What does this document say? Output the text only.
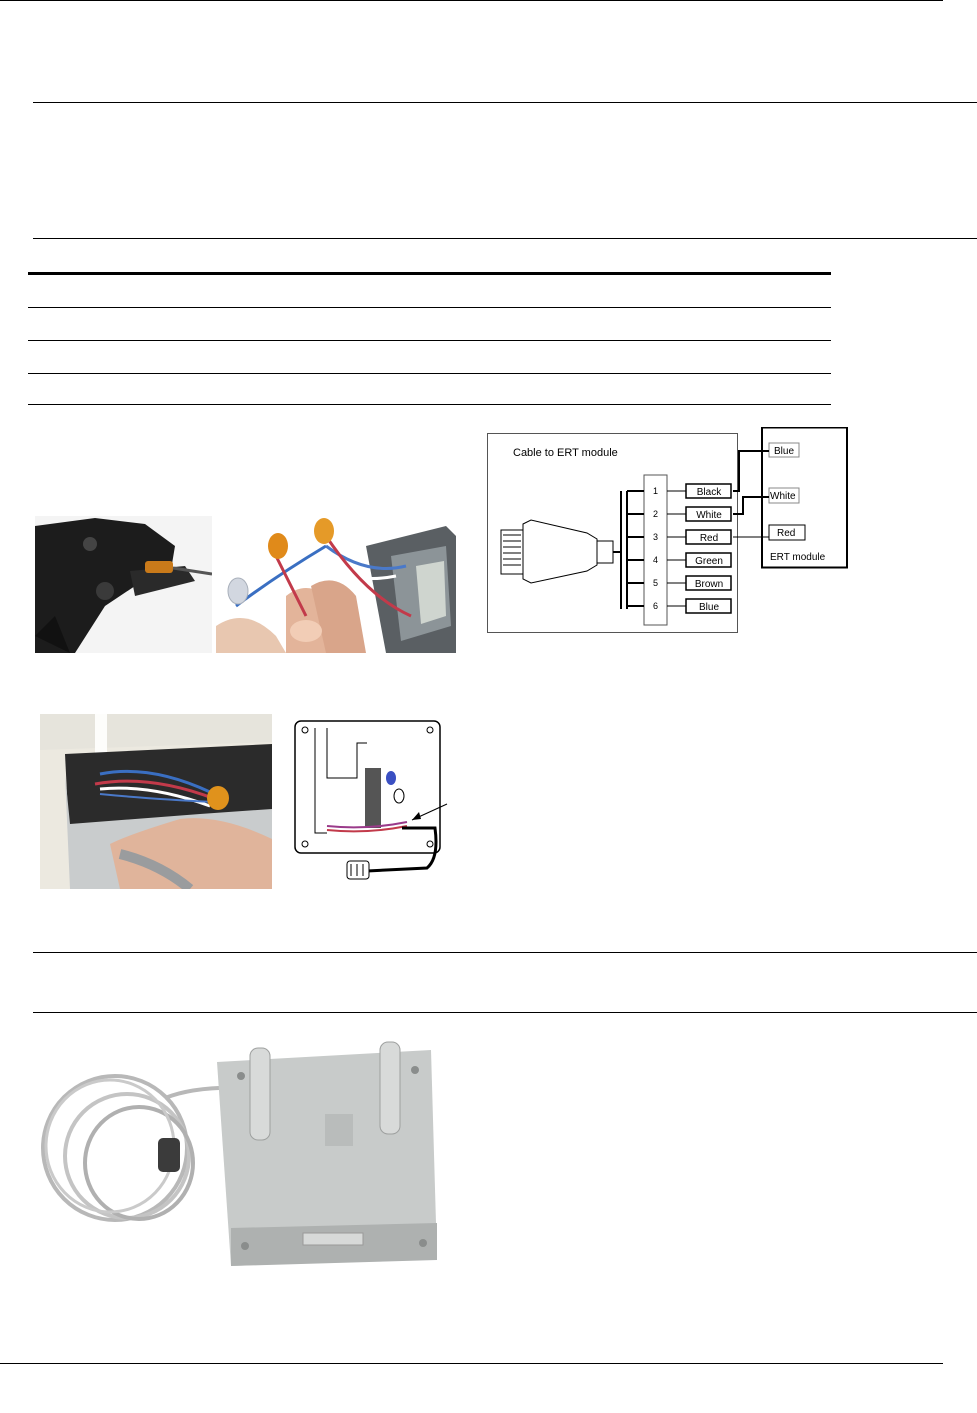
Cable to ERT module
1	Black
2	White
3	Red
4	Green
5	Brown
6	Blue
ERT module
Blue
White
Red
